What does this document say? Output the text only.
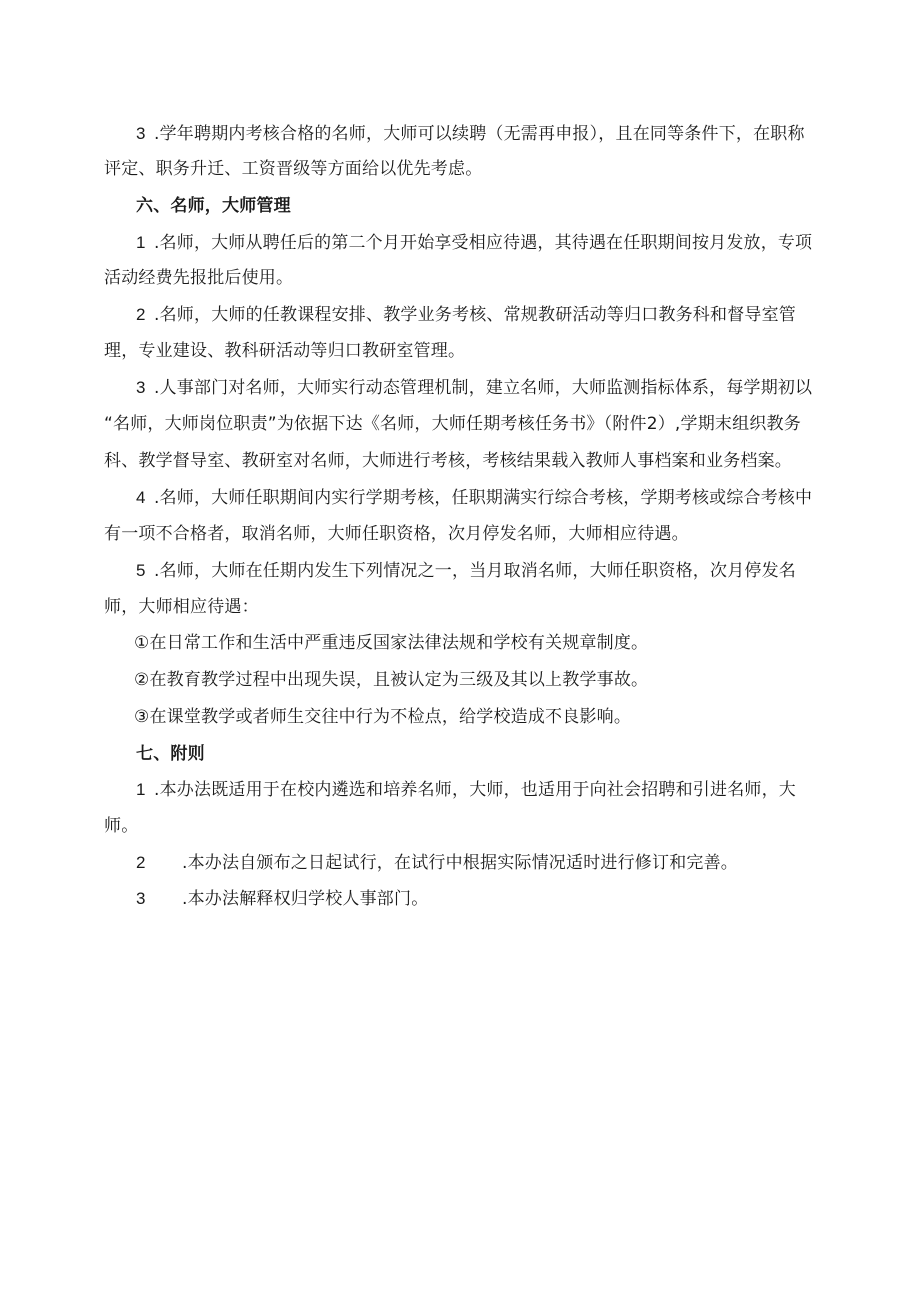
3 .学年聘期内考核合格的名师，大师可以续聘（无需再申报），且在同等条件下，在职称
评定、职务升迁、工资晋级等方面给以优先考虑。
六、名师，大师管理
1 .名师，大师从聘任后的第二个月开始享受相应待遇，其待遇在任职期间按月发放，专项
活动经费先报批后使用。
2 .名师，大师的任教课程安排、教学业务考核、常规教研活动等归口教务科和督导室管
理，专业建设、教科研活动等归口教研室管理。
3 .人事部门对名师，大师实行动态管理机制，建立名师，大师监测指标体系，每学期初以
“名师，大师岗位职责”为依据下达《名师，大师任期考核任务书》（附件2）,学期末组织教务
科、教学督导室、教研室对名师，大师进行考核，考核结果载入教师人事档案和业务档案。
4 .名师，大师任职期间内实行学期考核，任职期满实行综合考核，学期考核或综合考核中
有一项不合格者，取消名师，大师任职资格，次月停发名师，大师相应待遇。
5 .名师，大师在任期内发生下列情况之一，当月取消名师，大师任职资格，次月停发名
师，大师相应待遇：
①在日常工作和生活中严重违反国家法律法规和学校有关规章制度。
②在教育教学过程中出现失误，且被认定为三级及其以上教学事故。
③在课堂教学或者师生交往中行为不检点，给学校造成不良影响。
七、附则
1 .本办法既适用于在校内遴选和培养名师，大师，也适用于向社会招聘和引进名师，大
师。
2 .本办法自颁布之日起试行，在试行中根据实际情况适时进行修订和完善。
3 .本办法解释权归学校人事部门。
